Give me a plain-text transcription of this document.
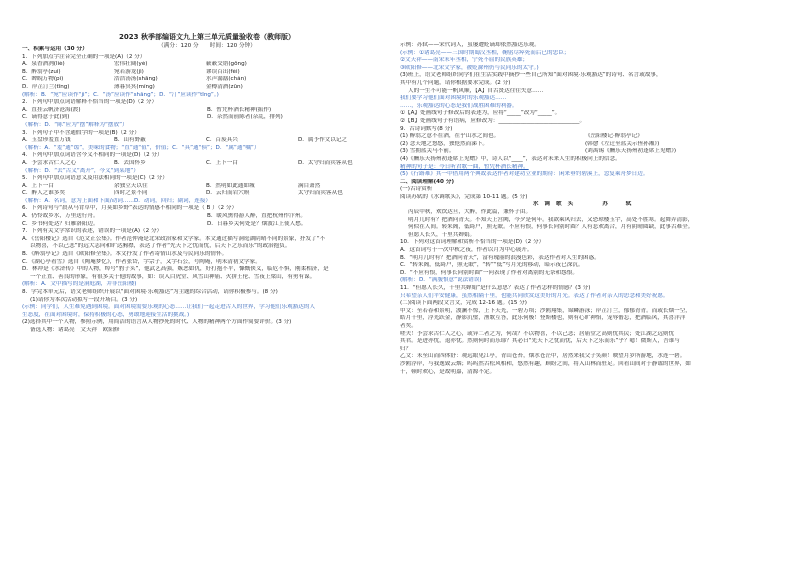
2023 秋季部编语文九上第三单元质量验收卷（教师版）
（满分：120 分　　时间：120 分钟）
一、积累与运用（30 分）
1．下列加点字注音完全正确的一项是(A)（2 分）
A．泉香酒洌(liè)	宏伟壮阔(yè)	簌簌交错(gōng)
B．醉翁亭(zuì)	宛若游龙(jì)	谬误百出(fèi)
C．睥睨万物(pì)	浩浩汤汤(shāng)	水声潺潺(chán)
D．岸芷汀兰(tīng)	薄暮冥冥(míng)	金樽清酒(zūn)
(解析：B．“宛”应读作“jì”；C．“汤”应读作“shāng”；D．“汀”应读作“tīng”。)
2．下列句中加点词语解释不恰当的一项是(D)（2 分）
A．直挂云帆济沧海(渡)	B．暂凭杯酒长精神(振作)
C．谪得意于此(到)	D．杂然而前陈者(杂乱，排列)
（解析：D．“陈”应为“摆”解释为“摆放”）
3．下列句子中不含通假字的一项是(B)（2 分）
A．玉盘珍羞直万钱	B．山有野蔽	C．百废具兴	D．属予作文以记之
（解析：A．“羞”通“馐”，美味的食物；“直”通“值”，价值；C．“具”通“俱”；D．“属”通“嘱”）
4．下列句中加点词语含今义不相同的一项是(D)（2 分）
A．予尝求古仁人之心	B．去国怀乡	C．上下一白	D．太守归而宾客从也
（解析：D．“去”古义“离开”，今义“到某地”）
5．下列句中加点词语意义及用法相同的一项是(C)（2 分）
A．上下一白	余独立天以往	B．然明如此通如城	满目萧然
C．醉人之谁多矣	四时之景不同	D．云归而岩穴暝	太守归而宾客从也
（解析：A．名词，意为上面和下面/动词……D．动词，回归；副词，连接）
6．下列诗句与“晨从马背草中，月莫如乡野”表达的情感不相同的一项是（ B ）（2 分）
A．仍怜故乡水，万里送行舟。	B．暖风熏得游人醉，直把杭州作汴州。
C．乡书何处达？归雁洛阳边。	D．日暮乡关何处是？烟波江上使人愁。
7．下列有关文学常识的表述，错误的一项是(A)（2 分）
A．《岳阳楼记》选自《范文正公集》。作者范仲淹是北宋政治家和文学家。本文通过描写洞庭湖阴晴不同的景象，抒发了“不
以物喜，不以己悲”的远大志向和旷达胸襟，表达了作者“先天下之忧而忧，后天下之乐而乐”的政治抱负。
B．《醉翁亭记》选自《欧阳修全集》。本文抒发了作者寄情山水及与民同乐的情怀。
C．《湖心亭看雪》选自《陶庵梦忆》，作者张岱，字宗子，又字石公，号陶庵，明末清初文学家。
D．林冲是《水浒传》中的人物，绰号“豹子头”，他武艺高强，嫉恶如仇，好打抱不平，慷慨侠义，临危不惧，刚柔相济，是
一个正直、善良的形象，有很多关于他的故事，如：误入白虎堂、风雪山神庙、火拼王伦、雪夜上梁山，有勇有谋。
(解析：A．文中描写的是洞庭湖，并非岳阳楼)
8．学完本单元后，语文老师组织开展以“面对困境·乐观豁达”为主题的综合活动，请你积极参与。(8 分)
(1)请你为本次活动拟写一段开场白。(3 分)
(示例：同学们，人生难免遇到困境。面对困境需要乐观的心态……让我们一起走进古人的世界，学习他们乐观豁达的人
生态度，在面对困境时，保持积极的心态，勇敢地迎接生活的挑战。)
(2)选择其中一个人物，参照示例，用简洁的语言从人物抄死的时代、人物的精神两个方面作简要评价。(3 分)
备选人物：诸葛亮　文天祥　欧阳修
示例：苏轼——宋代词人，虽屡遭贬谪却依然豁达乐观。
(示例：①诸葛亮——三国时期蜀汉丞相，鞠躬尽瘁死而后已的忠臣；
②文天祥——南宋末年丞相，宁死不屈的民族英雄；
③欧阳修——北宋文学家，被贬滁州仍与民同乐的太守。)
(3)班上，语文老师组织同学们在生活实践中摘抄一些自己所知“面对困境·乐观豁达”的诗句、名言或故事，
其中有几个问题，请你根据要求完成。(2 分)
人的一生不可能一帆风顺，【A】自古贤达往往失意……
我们要学习他们面对困境时的乐观豁达……
……，乐观豁达的心态是我们战胜困难的利器。
①【A】处画线句子修改后的表述为，应将“_____”改为“_____”。
②【B】处画线句子有语病，应修改为：_____________________________。
9．古诗词默写(8 分)
(1) 醉翁之意不在酒，在乎山水之间也。	《岳阳楼记·醉翁亭记》
(2) 念天地之悠悠，独怆然而涕下。	(韩愈《左迁至蓝关示侄孙湘》)
(3) 雪拥蓝关马不前。	(刘禹锡《酬乐天扬州初逢席上见赠》)
(4)《酬乐天扬州初逢席上见赠》中，诗人以“____”，表达对未来人生的积极向上的信念。
精神的句子是：今日听君歌一曲，暂凭杯酒长精神。
(5)《行路难》其一中借用两个典故表达作者对建功立业的期待：闲来垂钓碧溪上，忽复乘舟梦日边。
二、阅读理解(40 分)
(一)古诗赏析
阅读苏轼的《水调歌头》，完成第 10-11 题。(5 分)
水调歌头　　苏　轼
丙辰中秋，欢饮达旦，大醉，作此篇，兼怀子由。
明月几时有？把酒问青天。不知天上宫阙，今夕是何年。我欲乘风归去，又恐琼楼玉宇，高处不胜寒。起舞弄清影，
何似在人间。转朱阁，低绮户，照无眠。不应有恨，何事长向别时圆？人有悲欢离合，月有阴晴圆缺，此事古难全。
但愿人长久，千里共婵娟。
10．下列对这首词理解和赏析不恰当的一项是(D)（2 分）
A．这首词写于一次中秋之夜，作者以月为中心展开。
B．“明月几时有？把酒问青天”，富有瑰丽的浪漫色彩，表达作者对人生的困惑。
C．“转朱阁，低绮户，照无眠”，“转”“低”写月光的移动，暗示夜已深沉。
D．“不应有恨，何事长向别时圆”一问表现了作者对离别的无奈和怨恨。
(解析：D．“满腹恨意”说法错误)
11．“但愿人长久，千里共婵娟”是什么意思？表达了作者怎样的情感？(3 分)
只希望亲人们平安健康，虽然相隔千里，也能共同欣赏这美好的月光。表达了作者对亲人的思念和美好祝愿。
(二)阅读下面两段文言文，完成 12-16 题。(15 分)
甲文：至若春和景明，波澜不惊，上下天光，一碧万顷；沙鸥翔集，锦鳞游泳；岸芷汀兰，郁郁青青。而或长烟一空，
皓月千里，浮光跃金，静影沉璧，渔歌互答，此乐何极！登斯楼也，则有心旷神怡，宠辱偕忘，把酒临风，其喜洋洋
者矣。
嗟夫！予尝求古仁人之心，或异二者之为，何哉？不以物喜，不以己悲；居庙堂之高则忧其民；处江湖之远则忧
其君。是进亦忧，退亦忧。然则何时而乐耶？其必曰“先天下之忧而忧，后天下之乐而乐”乎？噫！微斯人，吾谁与
归？
乙文：未至山而四体舒：观远眼见江亭，青山苍苔，烟水苍茫中，居然来我父子笑颜！映望月岁所游地，水连一碧。
沙鸥浮岸，与我逸致云烟；呜呜然古松风相和，悠然有趣，顾盼之间，将入山林而驻足。回看山间对于静谧的世界，如
千，顿时欢心，是故明嘉，清源不定。
